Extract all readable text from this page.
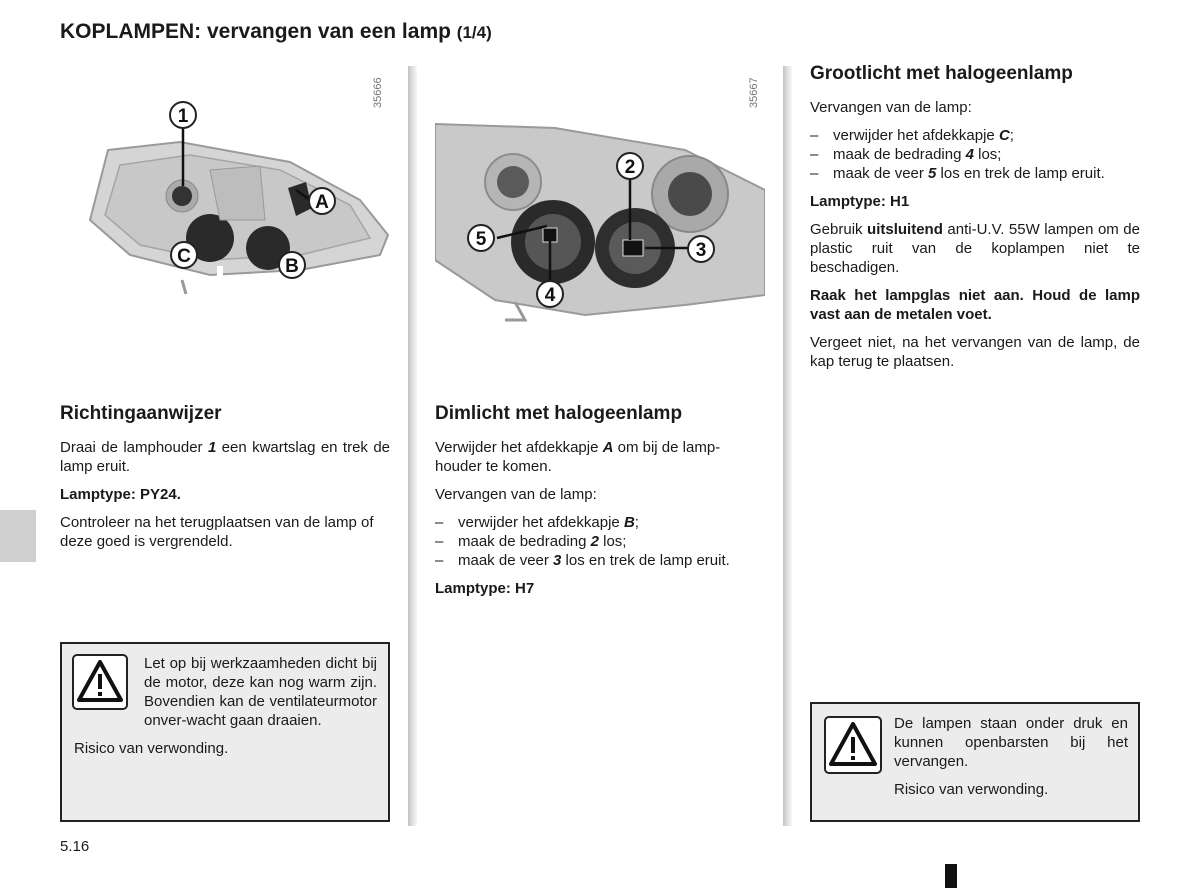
KOPLAMPEN: vervangen van een lamp (1/4)
1
A
C	B
35666
2
5
3
4
35667
Richtingaanwijzer

Draai de lamphouder 1 een kwartslag en trek de lamp eruit.

Lamptype: PY24.

Controleer na het terugplaatsen van de lamp of deze goed is vergrendeld.

Dimlicht met halogeenlamp

Verwijder het afdekkapje A om bij de lamp-houder te komen.

Vervangen van de lamp:

– verwijder het afdekkapje B;
– maak de bedrading 2 los;
– maak de veer 3 los en trek de lamp eruit.

Lamptype: H7

Grootlicht met halogeenlamp

Vervangen van de lamp:

– verwijder het afdekkapje C;
– maak de bedrading 4 los;
– maak de veer 5 los en trek de lamp eruit.

Lamptype: H1

Gebruik uitsluitend anti-U.V. 55W lampen om de plastic ruit van de koplampen niet te beschadigen.

Raak het lampglas niet aan. Houd de lamp vast aan de metalen voet.

Vergeet niet, na het vervangen van de lamp, de kap terug te plaatsen.

Let op bij werkzaamheden dicht bij de motor, deze kan nog warm zijn. Bovendien kan de ventilateurmotor onver-wacht gaan draaien.

Risico van verwonding.

De lampen staan onder druk en kunnen openbarsten bij het vervangen.

Risico van verwonding.

5.16
